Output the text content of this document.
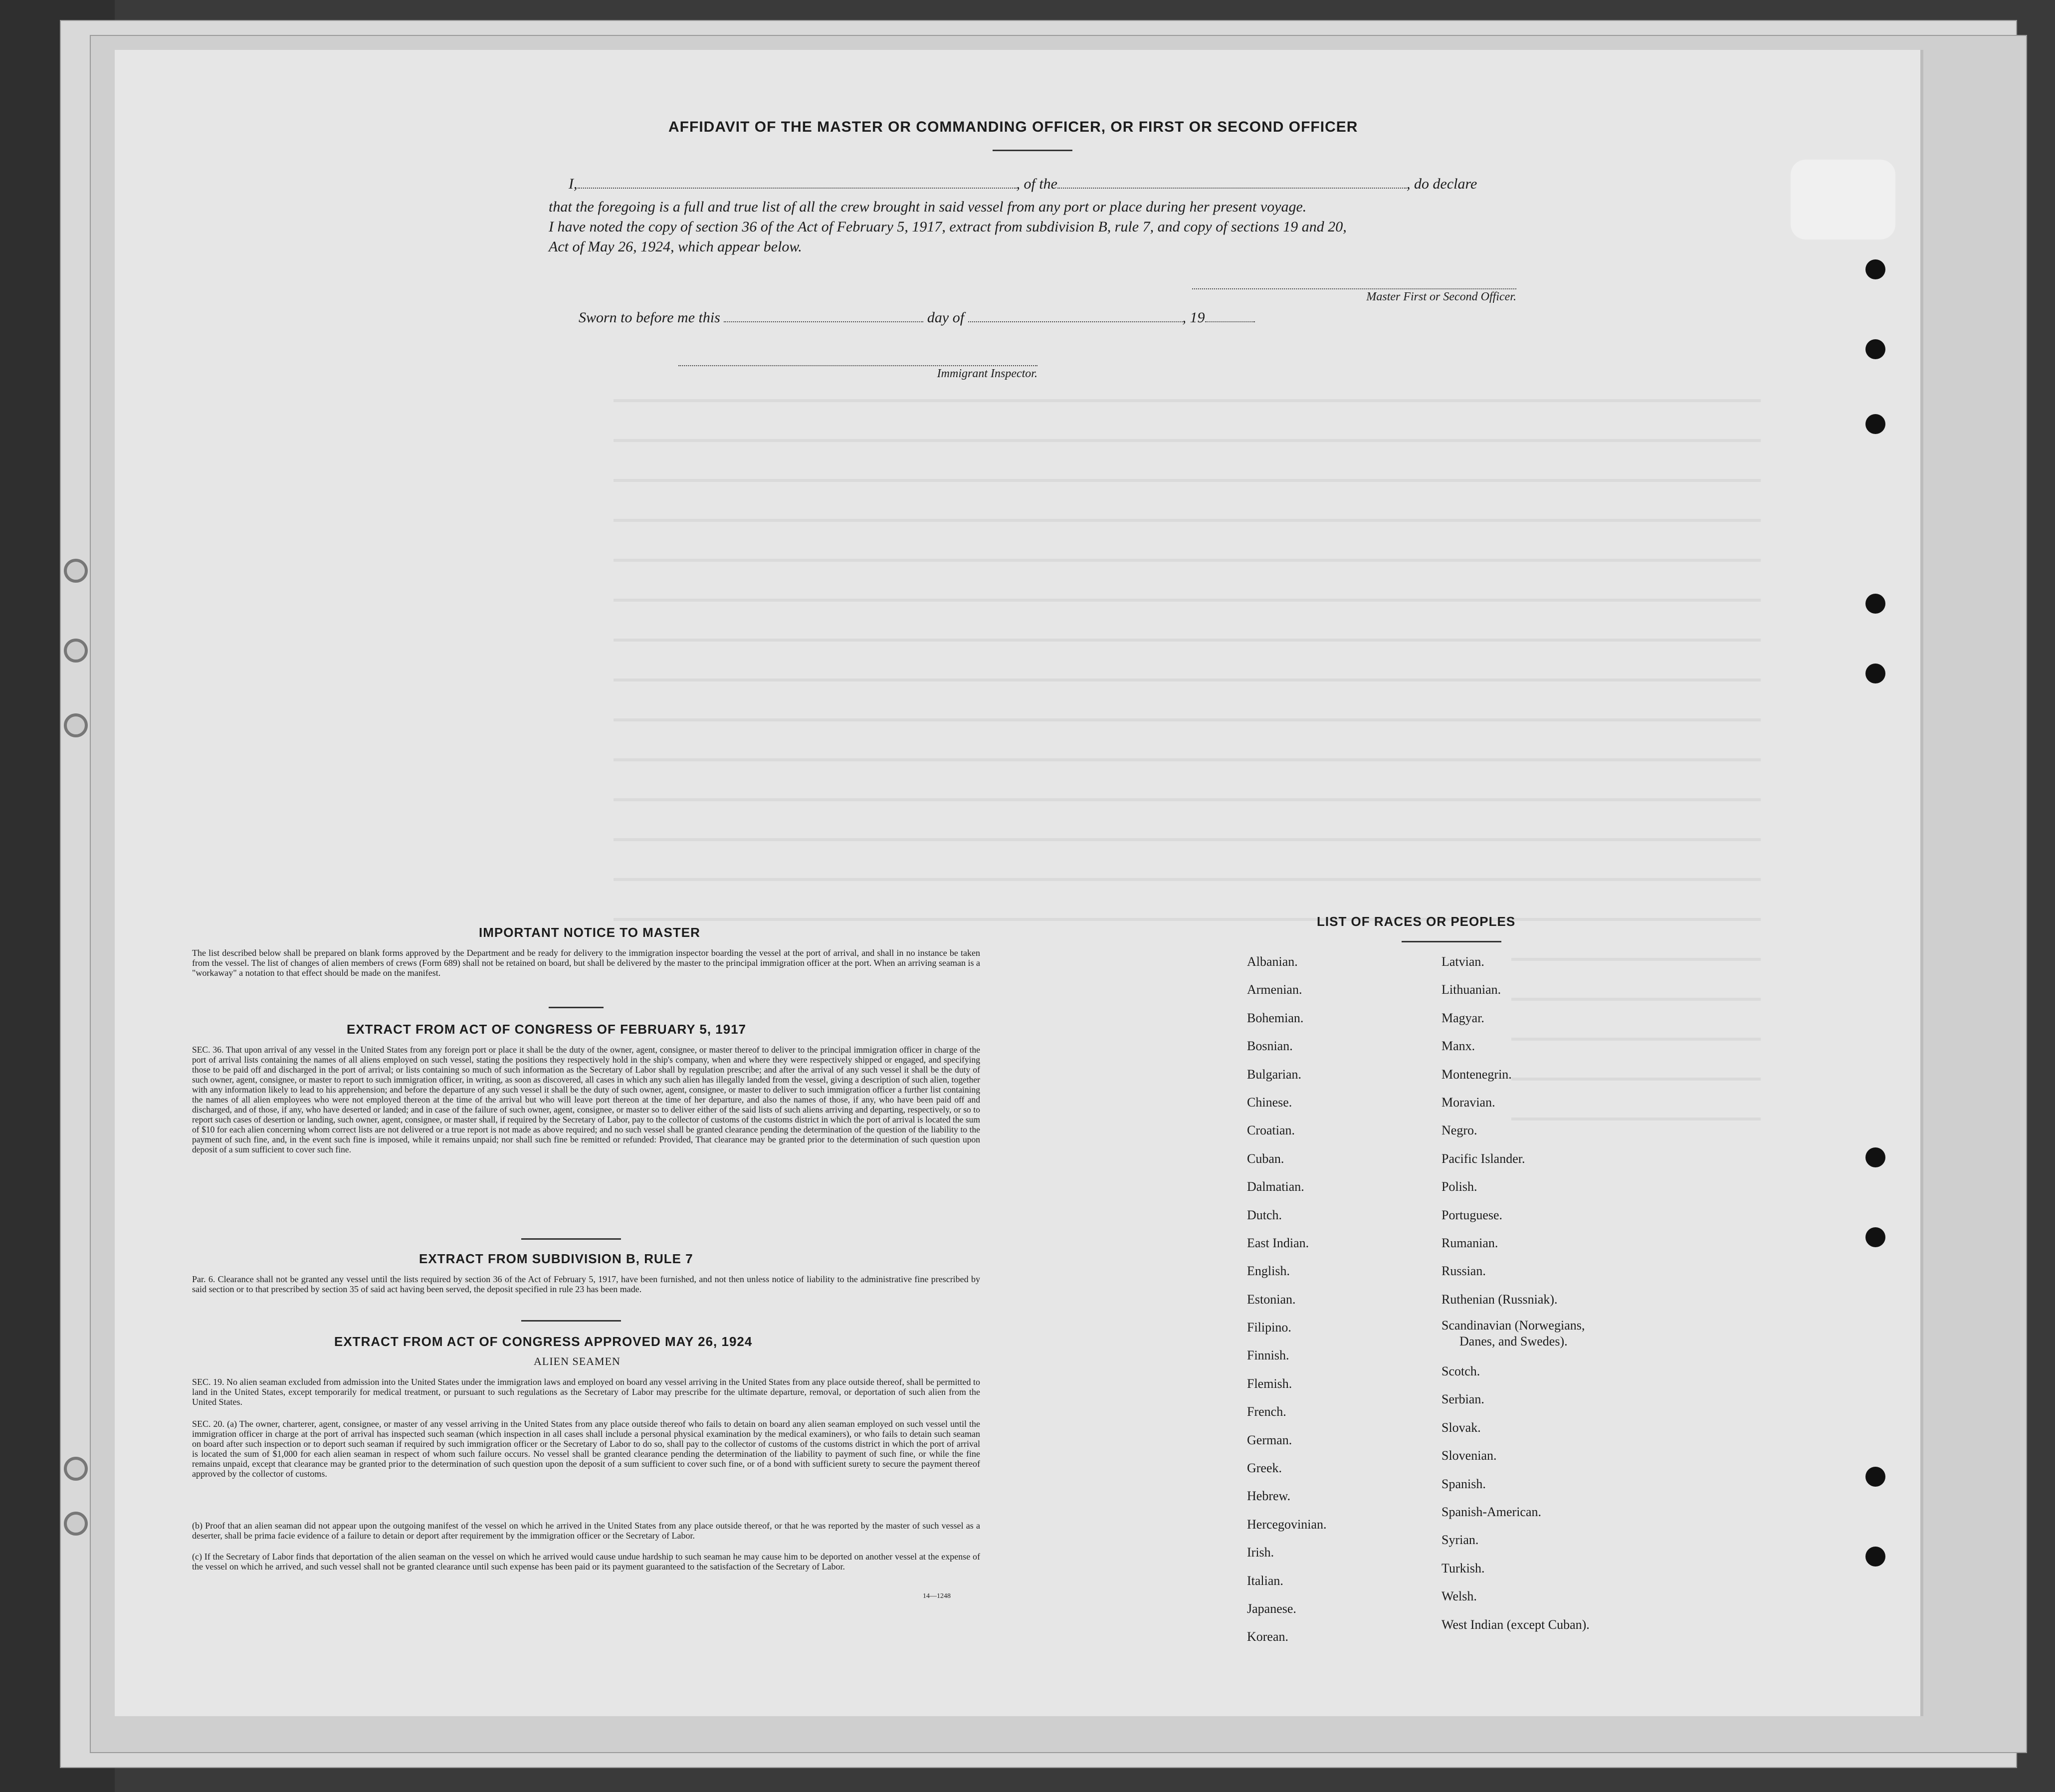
AFFIDAVIT OF THE MASTER OR COMMANDING OFFICER, OR FIRST OR SECOND OFFICER
I,	, of the	, do declare
that the foregoing is a full and true list of all the crew brought in said vessel from any port or place during her present voyage.
I have noted the copy of section 36 of the Act of February 5, 1917, extract from subdivision B, rule 7, and copy of sections 19 and 20,
Act of May 26, 1924, which appear below.
Master First or Second Officer.
Sworn to before me this	day of	, 19
Immigrant Inspector.
IMPORTANT NOTICE TO MASTER
The list described below shall be prepared on blank forms approved by the Department and be ready for delivery to the immigration inspector boarding the vessel at the port of arrival, and shall in no instance be taken from the vessel. The list of changes of alien members of crews (Form 689) shall not be retained on board, but shall be delivered by the master to the principal immigration officer at the port. When an arriving seaman is a "workaway" a notation to that effect should be made on the manifest.
EXTRACT FROM ACT OF CONGRESS OF FEBRUARY 5, 1917
SEC. 36. That upon arrival of any vessel in the United States from any foreign port or place it shall be the duty of the owner, agent, consignee, or master thereof to deliver to the principal immigration officer in charge of the port of arrival lists containing the names of all aliens employed on such vessel, stating the positions they respectively hold in the ship's company, when and where they were respectively shipped or engaged, and specifying those to be paid off and discharged in the port of arrival; or lists containing so much of such information as the Secretary of Labor shall by regulation prescribe; and after the arrival of any such vessel it shall be the duty of such owner, agent, consignee, or master to report to such immigration officer, in writing, as soon as discovered, all cases in which any such alien has illegally landed from the vessel, giving a description of such alien, together with any information likely to lead to his apprehension; and before the departure of any such vessel it shall be the duty of such owner, agent, consignee, or master to deliver to such immigration officer a further list containing the names of all alien employees who were not employed thereon at the time of the arrival but who will leave port thereon at the time of her departure, and also the names of those, if any, who have been paid off and discharged, and of those, if any, who have deserted or landed; and in case of the failure of such owner, agent, consignee, or master so to deliver either of the said lists of such aliens arriving and departing, respectively, or so to report such cases of desertion or landing, such owner, agent, consignee, or master shall, if required by the Secretary of Labor, pay to the collector of customs of the customs district in which the port of arrival is located the sum of $10 for each alien concerning whom correct lists are not delivered or a true report is not made as above required; and no such vessel shall be granted clearance pending the determination of the question of the liability to the payment of such fine, and, in the event such fine is imposed, while it remains unpaid; nor shall such fine be remitted or refunded: Provided, That clearance may be granted prior to the determination of such question upon deposit of a sum sufficient to cover such fine.
EXTRACT FROM SUBDIVISION B, RULE 7
Par. 6. Clearance shall not be granted any vessel until the lists required by section 36 of the Act of February 5, 1917, have been furnished, and not then unless notice of liability to the administrative fine prescribed by said section or to that prescribed by section 35 of said act having been served, the deposit specified in rule 23 has been made.
EXTRACT FROM ACT OF CONGRESS APPROVED MAY 26, 1924
ALIEN SEAMEN
SEC. 19. No alien seaman excluded from admission into the United States under the immigration laws and employed on board any vessel arriving in the United States from any place outside thereof, shall be permitted to land in the United States, except temporarily for medical treatment, or pursuant to such regulations as the Secretary of Labor may prescribe for the ultimate departure, removal, or deportation of such alien from the United States.
SEC. 20. (a) The owner, charterer, agent, consignee, or master of any vessel arriving in the United States from any place outside thereof who fails to detain on board any alien seaman employed on such vessel until the immigration officer in charge at the port of arrival has inspected such seaman (which inspection in all cases shall include a personal physical examination by the medical examiners), or who fails to detain such seaman on board after such inspection or to deport such seaman if required by such immigration officer or the Secretary of Labor to do so, shall pay to the collector of customs of the customs district in which the port of arrival is located the sum of $1,000 for each alien seaman in respect of whom such failure occurs. No vessel shall be granted clearance pending the determination of the liability to payment of such fine, or while the fine remains unpaid, except that clearance may be granted prior to the determination of such question upon the deposit of a sum sufficient to cover such fine, or of a bond with sufficient surety to secure the payment thereof approved by the collector of customs.
(b) Proof that an alien seaman did not appear upon the outgoing manifest of the vessel on which he arrived in the United States from any place outside thereof, or that he was reported by the master of such vessel as a deserter, shall be prima facie evidence of a failure to detain or deport after requirement by the immigration officer or the Secretary of Labor.
(c) If the Secretary of Labor finds that deportation of the alien seaman on the vessel on which he arrived would cause undue hardship to such seaman he may cause him to be deported on another vessel at the expense of the vessel on which he arrived, and such vessel shall not be granted clearance until such expense has been paid or its payment guaranteed to the satisfaction of the Secretary of Labor.
14—1248
LIST OF RACES OR PEOPLES
Albanian.
Armenian.
Bohemian.
Bosnian.
Bulgarian.
Chinese.
Croatian.
Cuban.
Dalmatian.
Dutch.
East Indian.
English.
Estonian.
Filipino.
Finnish.
Flemish.
French.
German.
Greek.
Hebrew.
Hercegovinian.
Irish.
Italian.
Japanese.
Korean.
Latvian.
Lithuanian.
Magyar.
Manx.
Montenegrin.
Moravian.
Negro.
Pacific Islander.
Polish.
Portuguese.
Rumanian.
Russian.
Ruthenian (Russniak).
Scandinavian (Norwegians,
Danes, and Swedes).
Scotch.
Serbian.
Slovak.
Slovenian.
Spanish.
Spanish-American.
Syrian.
Turkish.
Welsh.
West Indian (except Cuban).
